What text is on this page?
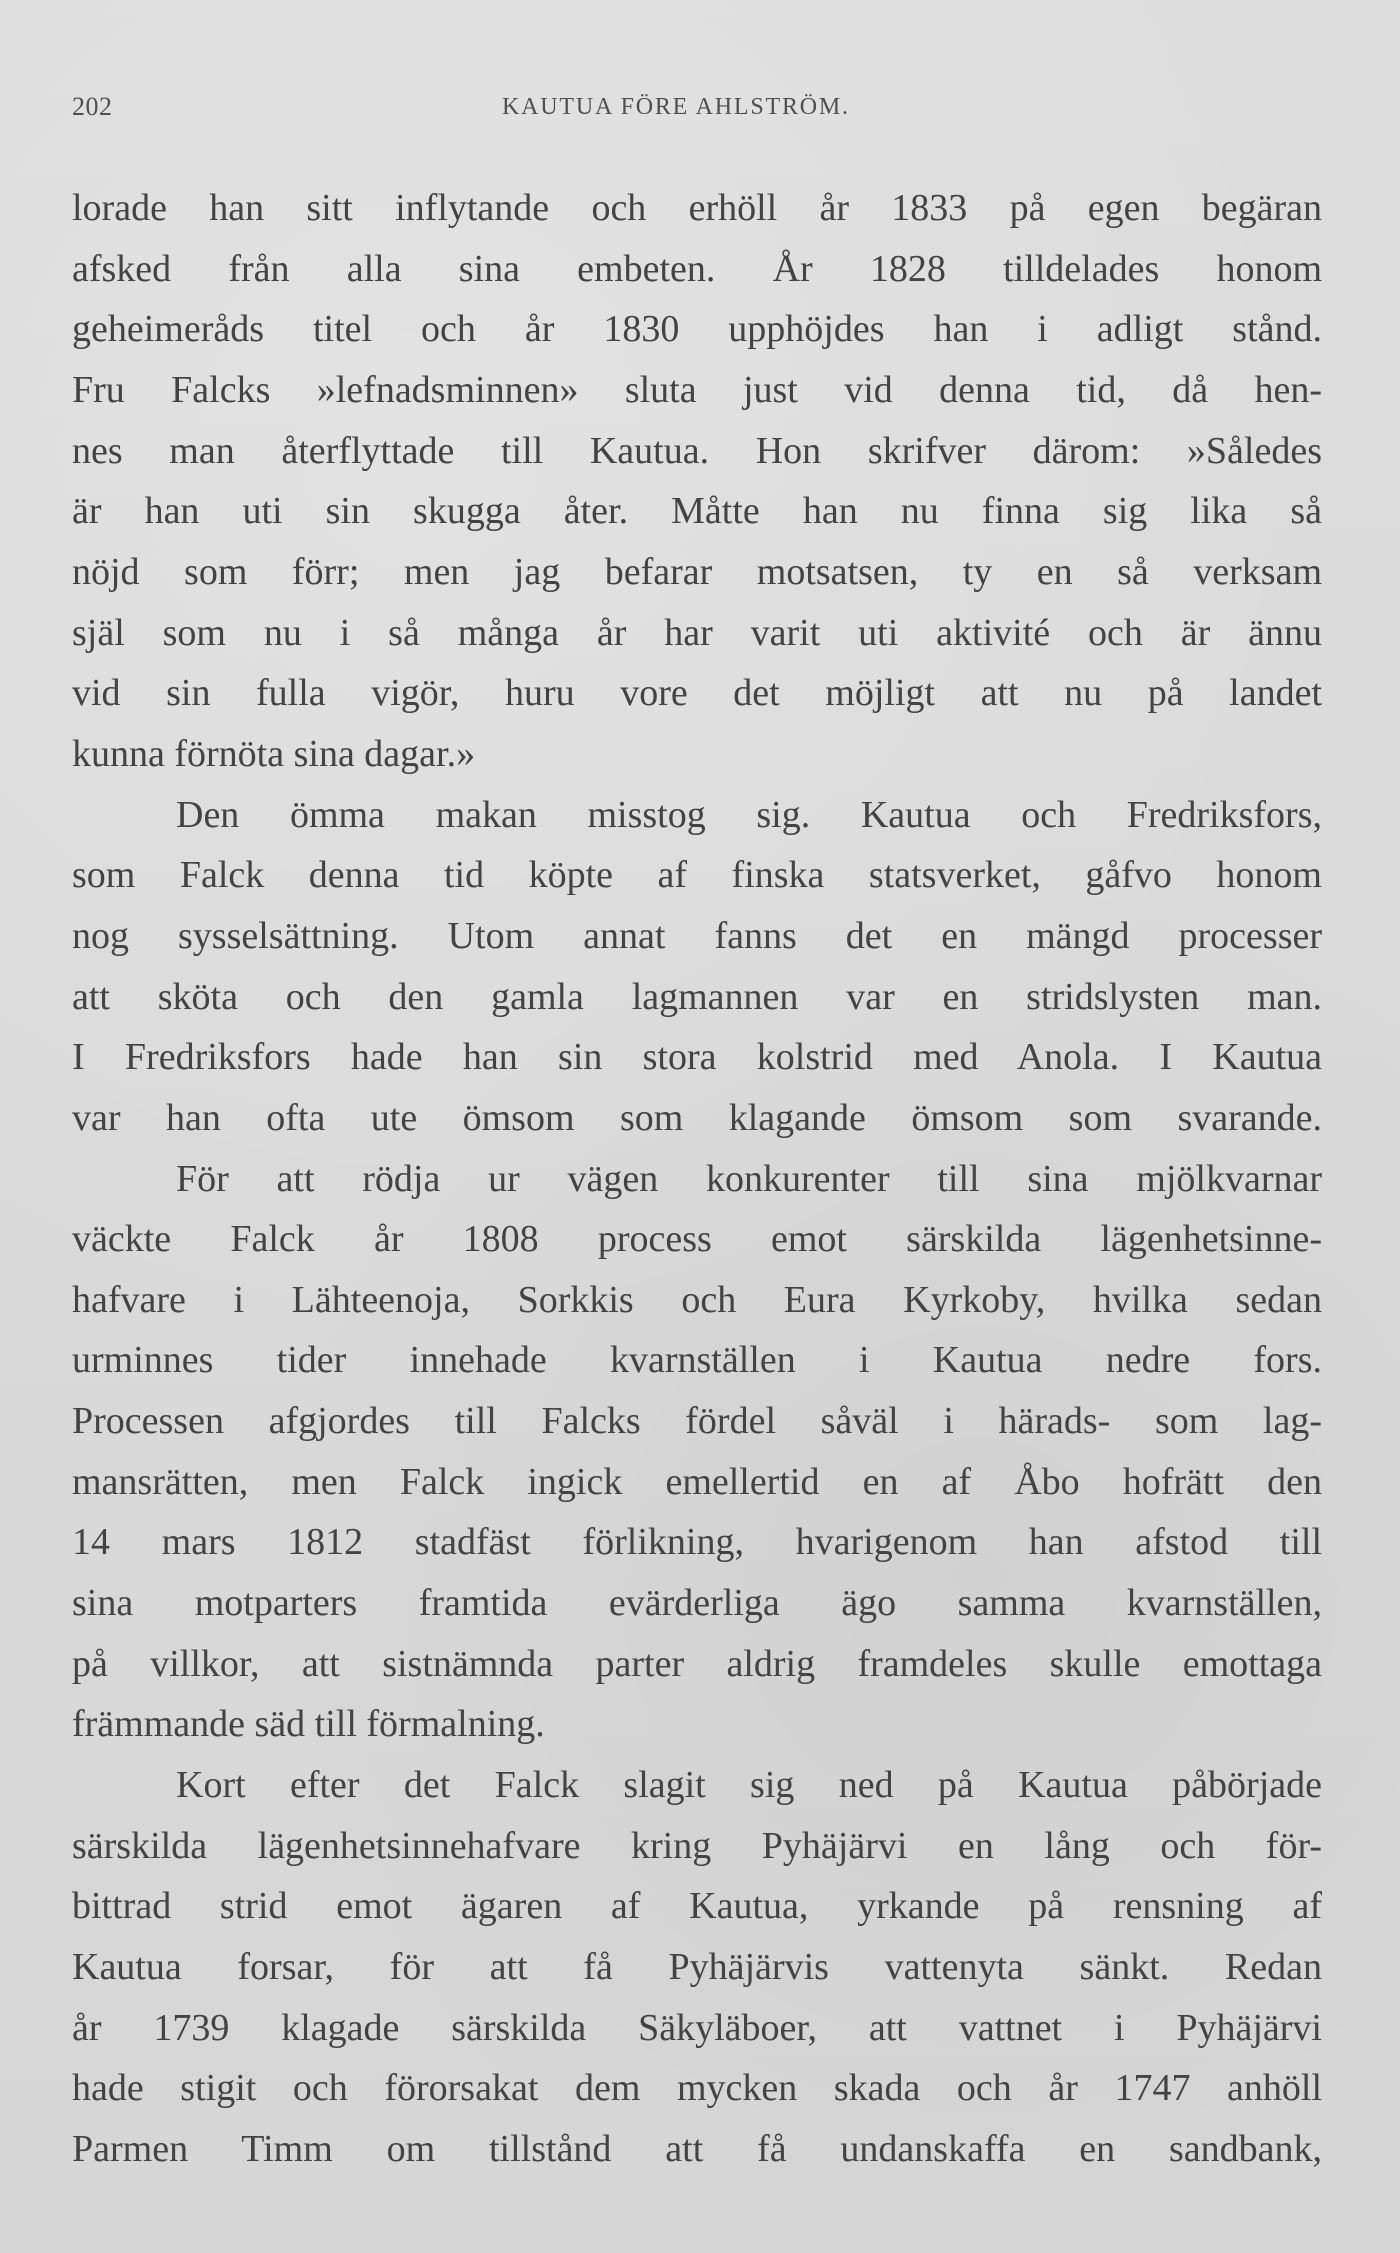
202	KAUTUA FÖRE AHLSTRÖM.
lorade han sitt inflytande och erhöll år 1833 på egen begäran
afsked från alla sina embeten. År 1828 tilldelades honom
geheimeråds titel och år 1830 upphöjdes han i adligt stånd.
Fru Falcks »lefnadsminnen» sluta just vid denna tid, då hen-
nes man återflyttade till Kautua. Hon skrifver därom: »Således
är han uti sin skugga åter. Måtte han nu finna sig lika så
nöjd som förr; men jag befarar motsatsen, ty en så verksam
själ som nu i så många år har varit uti aktivité och är ännu
vid sin fulla vigör, huru vore det möjligt att nu på landet
kunna förnöta sina dagar.»
Den ömma makan misstog sig. Kautua och Fredriksfors,
som Falck denna tid köpte af finska statsverket, gåfvo honom
nog sysselsättning. Utom annat fanns det en mängd processer
att sköta och den gamla lagmannen var en stridslysten man.
I Fredriksfors hade han sin stora kolstrid med Anola. I Kautua
var han ofta ute ömsom som klagande ömsom som svarande.
För att rödja ur vägen konkurenter till sina mjölkvarnar
väckte Falck år 1808 process emot särskilda lägenhetsinne-
hafvare i Lähteenoja, Sorkkis och Eura Kyrkoby, hvilka sedan
urminnes tider innehade kvarnställen i Kautua nedre fors.
Processen afgjordes till Falcks fördel såväl i härads- som lag-
mansrätten, men Falck ingick emellertid en af Åbo hofrätt den
14 mars 1812 stadfäst förlikning, hvarigenom han afstod till
sina motparters framtida evärderliga ägo samma kvarnställen,
på villkor, att sistnämnda parter aldrig framdeles skulle emottaga
främmande säd till förmalning.
Kort efter det Falck slagit sig ned på Kautua påbörjade
särskilda lägenhetsinnehafvare kring Pyhäjärvi en lång och för-
bittrad strid emot ägaren af Kautua, yrkande på rensning af
Kautua forsar, för att få Pyhäjärvis vattenyta sänkt. Redan
år 1739 klagade särskilda Säkyläboer, att vattnet i Pyhäjärvi
hade stigit och förorsakat dem mycken skada och år 1747 anhöll
Parmen Timm om tillstånd att få undanskaffa en sandbank,
